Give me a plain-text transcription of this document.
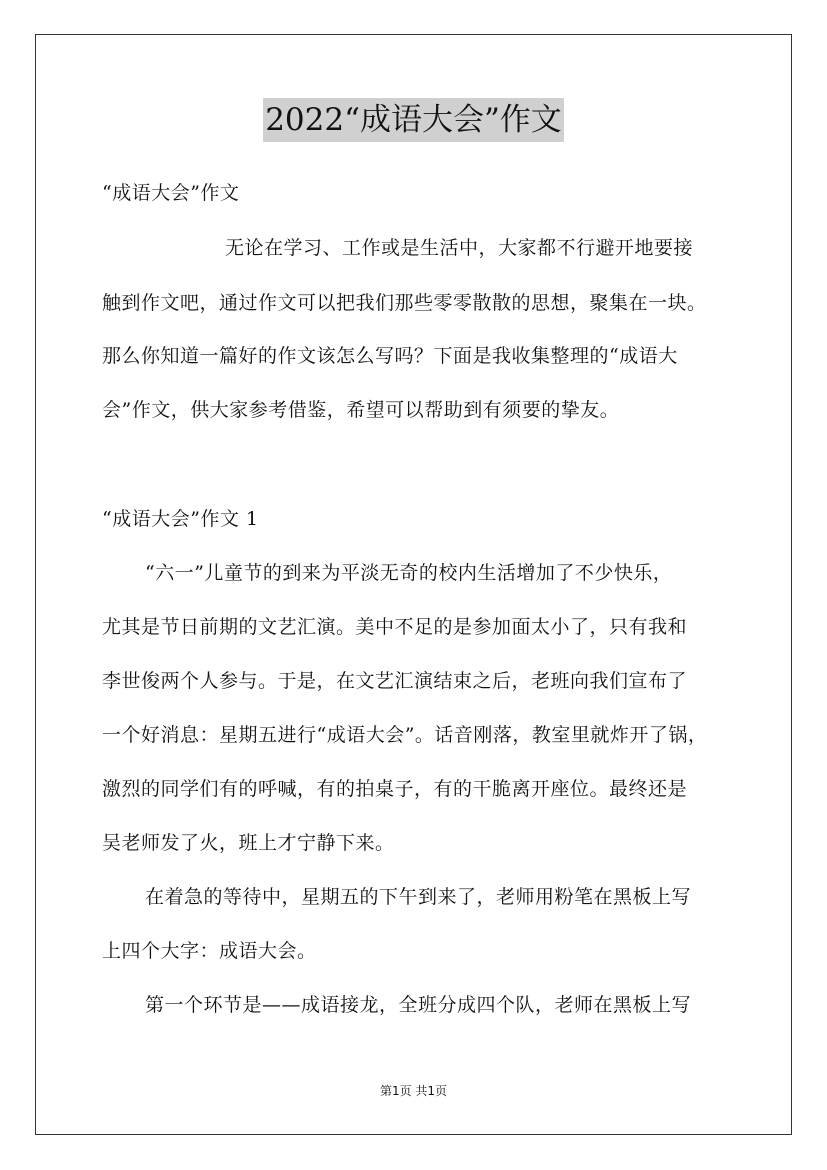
2022“成语大会”作文
“成语大会”作文
无论在学习、工作或是生活中，大家都不行避开地要接
触到作文吧，通过作文可以把我们那些零零散散的思想，聚集在一块。
那么你知道一篇好的作文该怎么写吗？下面是我收集整理的“成语大
会”作文，供大家参考借鉴，希望可以帮助到有须要的挚友。
“成语大会”作文 1
“六一”儿童节的到来为平淡无奇的校内生活增加了不少快乐，
尤其是节日前期的文艺汇演。美中不足的是参加面太小了，只有我和
李世俊两个人参与。于是，在文艺汇演结束之后，老班向我们宣布了
一个好消息：星期五进行“成语大会”。话音刚落，教室里就炸开了锅，
激烈的同学们有的呼喊，有的拍桌子，有的干脆离开座位。最终还是
吴老师发了火，班上才宁静下来。
在着急的等待中，星期五的下午到来了，老师用粉笔在黑板上写
上四个大字：成语大会。
第一个环节是——成语接龙，全班分成四个队，老师在黑板上写
第1页 共1页
